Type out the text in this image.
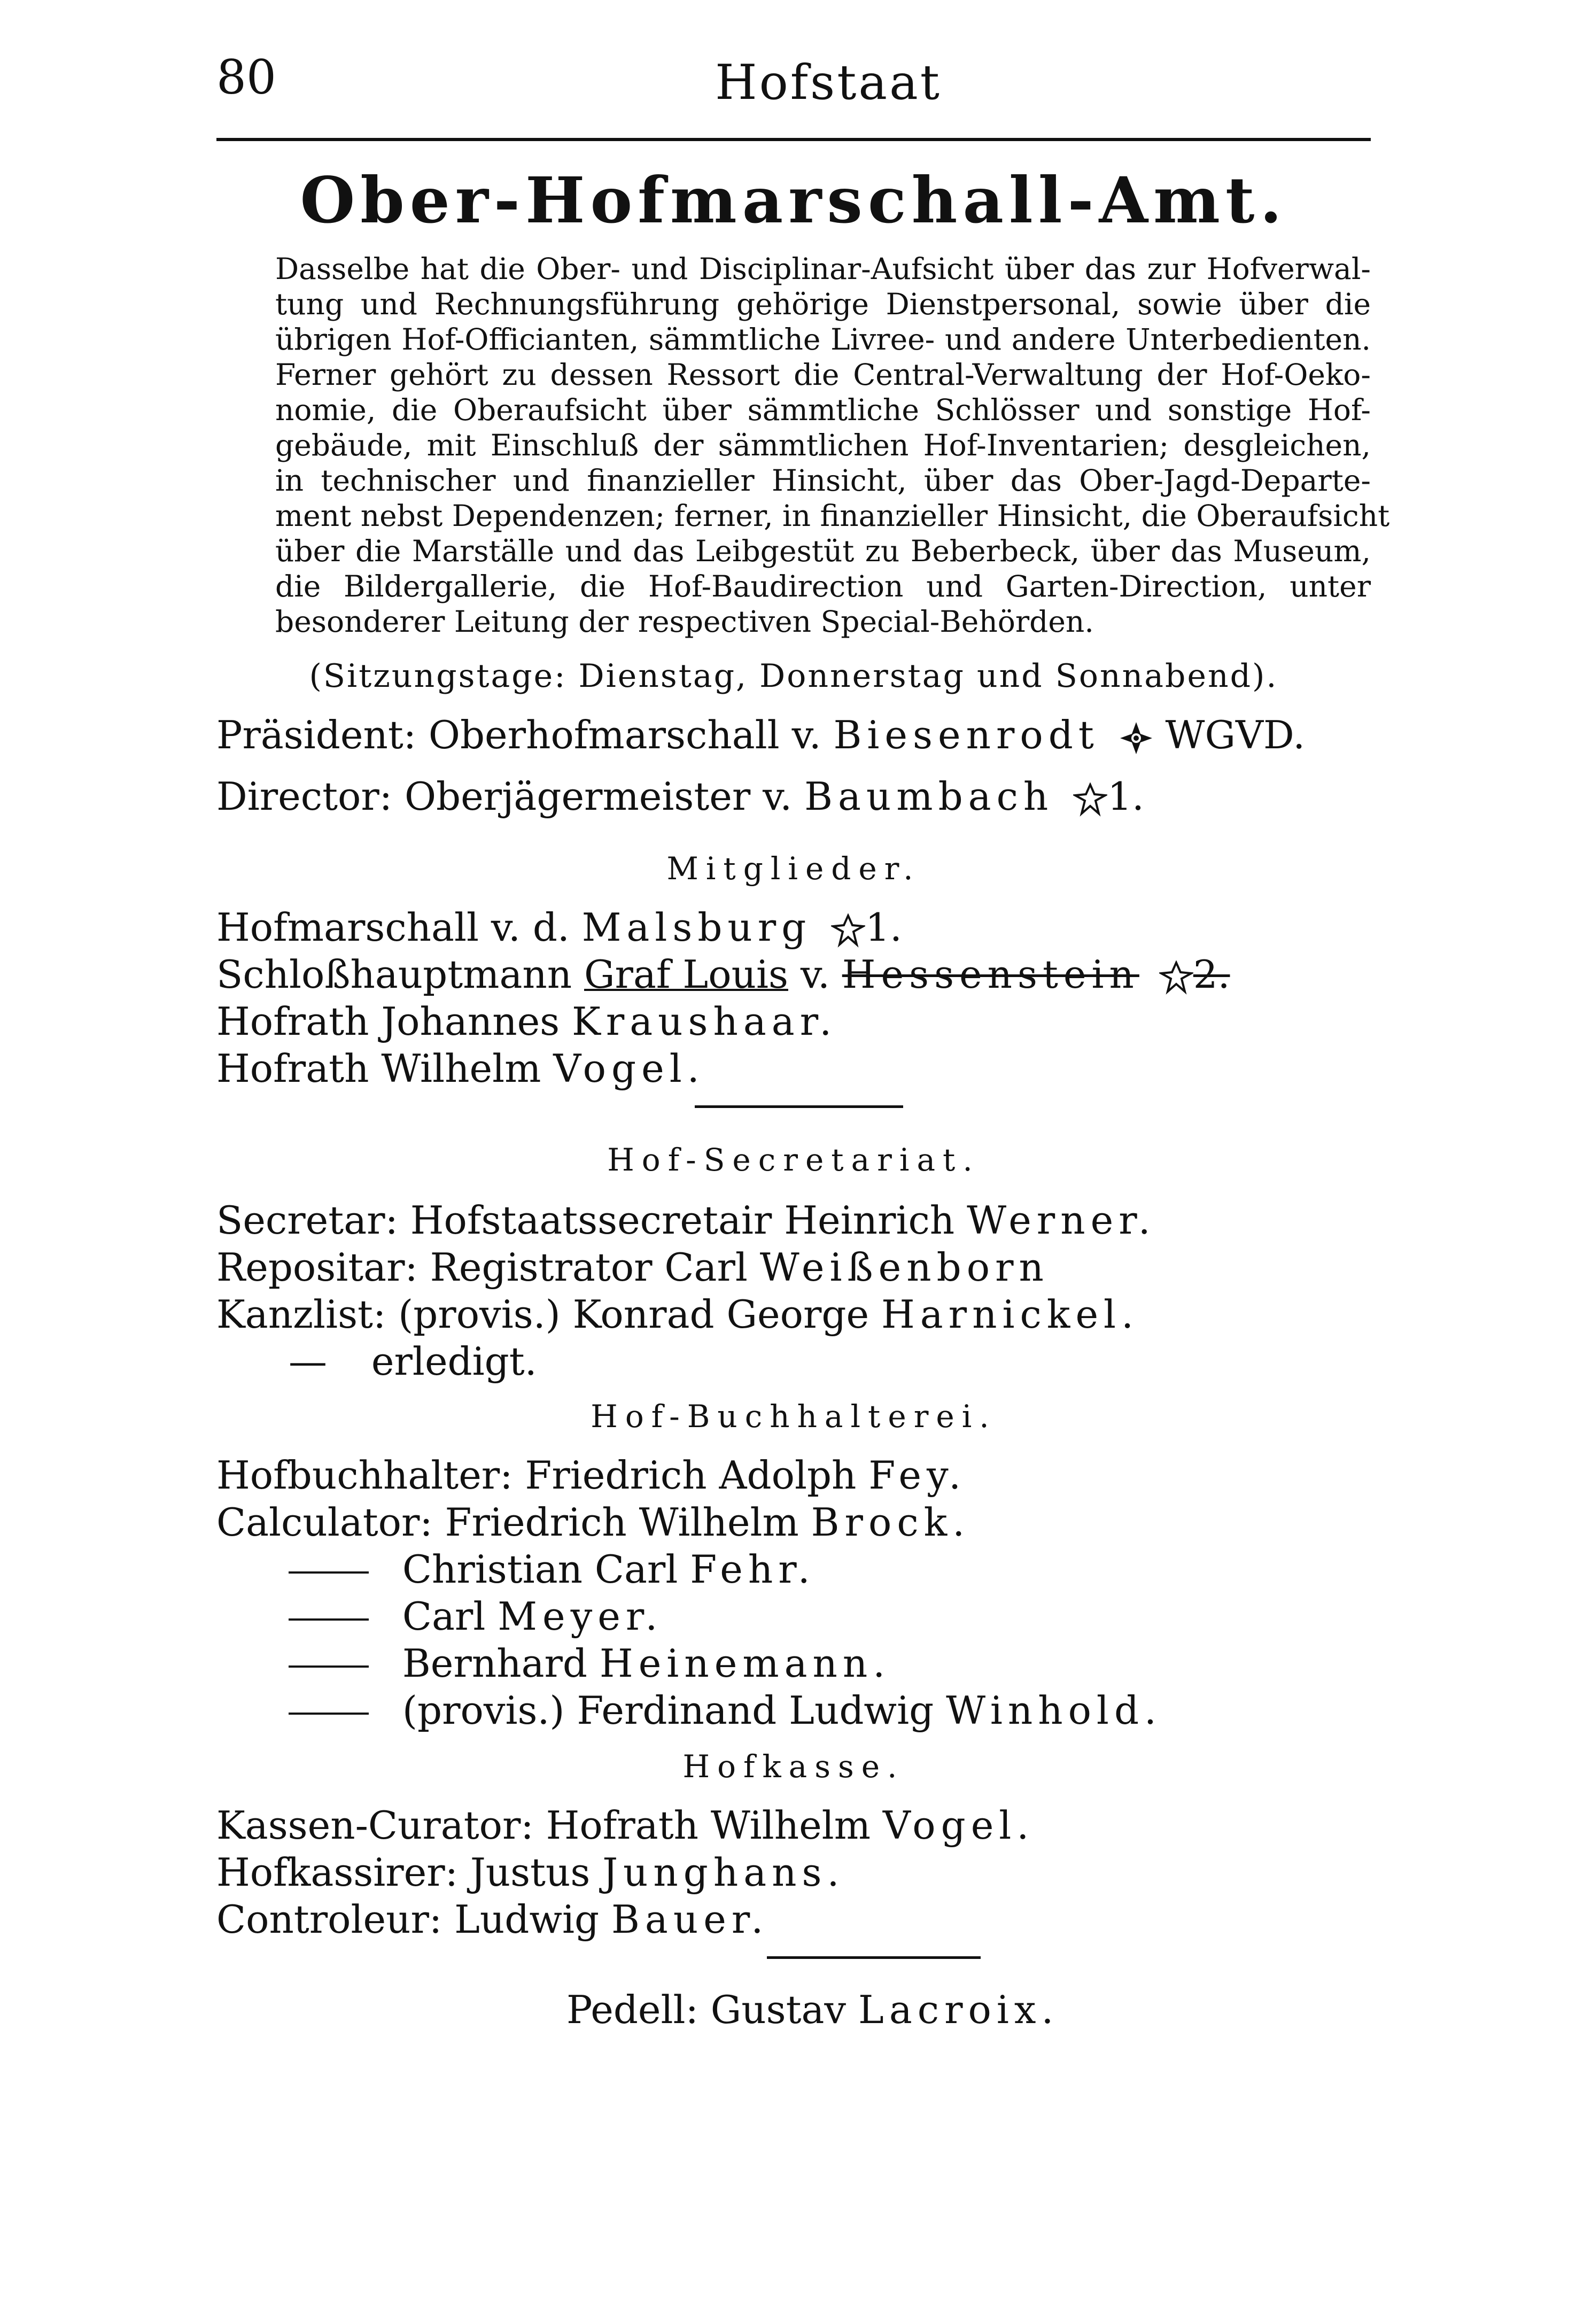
80	Hofstaat
Ober-Hofmarschall-Amt.
Dasselbe hat die Ober- und Disciplinar-Aufsicht über das zur Hofverwal-
tung und Rechnungsführung gehörige Dienstpersonal, sowie über die
übrigen Hof-Officianten, sämmtliche Livree- und andere Unterbedienten.
Ferner gehört zu dessen Ressort die Central-Verwaltung der Hof-Oeko-
nomie, die Oberaufsicht über sämmtliche Schlösser und sonstige Hof-
gebäude, mit Einschluß der sämmtlichen Hof-Inventarien; desgleichen,
in technischer und finanzieller Hinsicht, über das Ober-Jagd-Departe-
ment nebst Dependenzen; ferner, in finanzieller Hinsicht, die Oberaufsicht
über die Marställe und das Leibgestüt zu Beberbeck, über das Museum,
die Bildergallerie, die Hof-Baudirection und Garten-Direction, unter
besonderer Leitung der respectiven Special-Behörden.
(Sitzungstage: Dienstag, Donnerstag und Sonnabend).
Präsident: Oberhofmarschall v. Biesenrodt WGVD.
Director: Oberjägermeister v. Baumbach 1.
Mitglieder.
Hofmarschall v. d. Malsburg 1.
Schloßhauptmann Graf Louis v. Hessenstein 2.
Hofrath Johannes Kraushaar.
Hofrath Wilhelm Vogel.
Hof-Secretariat.
Secretar: Hofstaatssecretair Heinrich Werner.
Repositar: Registrator Carl Weißenborn
Kanzlist: (provis.) Konrad George Harnickel.
— erledigt.
Hof-Buchhalterei.
Hofbuchhalter: Friedrich Adolph Fey.
Calculator: Friedrich Wilhelm Brock.
Christian Carl Fehr.
Carl Meyer.
Bernhard Heinemann.
(provis.) Ferdinand Ludwig Winhold.
Hofkasse.
Kassen-Curator: Hofrath Wilhelm Vogel.
Hofkassirer: Justus Junghans.
Controleur: Ludwig Bauer.
Pedell: Gustav Lacroix.
